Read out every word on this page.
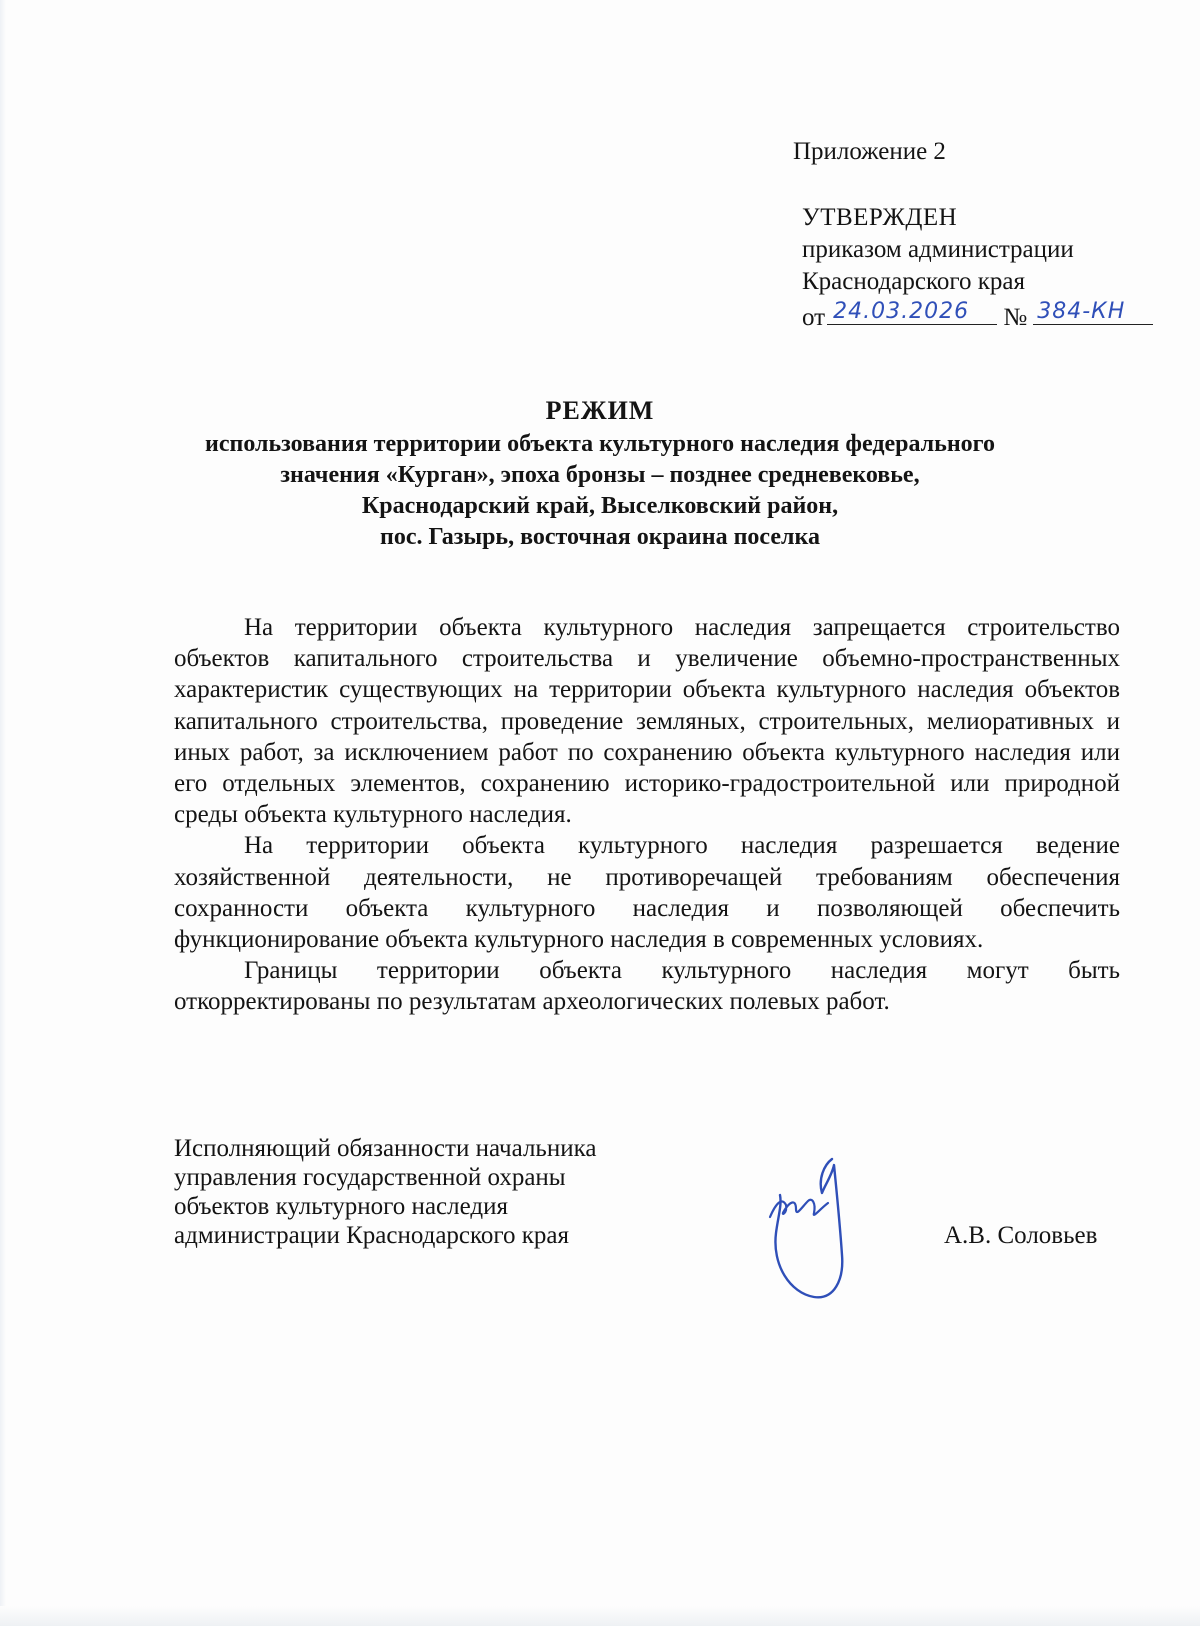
Приложение 2
УТВЕРЖДЕН
приказом администрации
Краснодарского края
от 24.03.2026 № 384-КН
РЕЖИМ
использования территории объекта культурного наследия федерального
значения «Курган», эпоха бронзы – позднее средневековье,
Краснодарский край, Выселковский район,
пос. Газырь, восточная окраина поселка

На территории объекта культурного наследия запрещается строительство объектов капитального строительства и увеличение объемно-пространственных характеристик существующих на территории объекта культурного наследия объектов капитального строительства, проведение земляных, строительных, мелиоративных и иных работ, за исключением работ по сохранению объекта культурного наследия или его отдельных элементов, сохранению историко-градостроительной или природной среды объекта культурного наследия.

На территории объекта культурного наследия разрешается ведение хозяйственной деятельности, не противоречащей требованиям обеспечения сохранности объекта культурного наследия и позволяющей обеспечить функционирование объекта культурного наследия в современных условиях.

Границы территории объекта культурного наследия могут быть откорректированы по результатам археологических полевых работ.

Исполняющий обязанности начальника
управления государственной охраны
объектов культурного наследия
администрации Краснодарского края	А.В. Соловьев
